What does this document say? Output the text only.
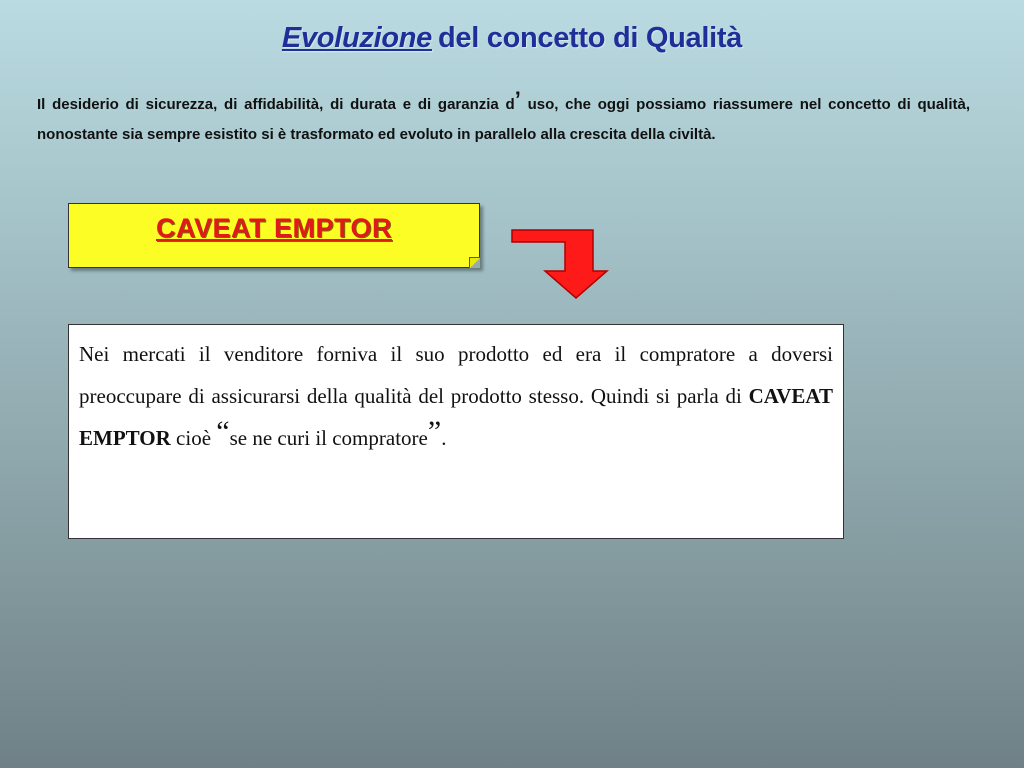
Evoluzione del concetto di Qualità
Il desiderio di sicurezza, di affidabilità, di durata e di garanzia d’ uso, che oggi possiamo riassumere nel concetto di qualità, nonostante sia sempre esistito si è trasformato ed evoluto in parallelo alla crescita della civiltà.
CAVEAT EMPTOR
Nei mercati il venditore forniva il suo prodotto ed era il compratore a doversi preoccupare di assicurarsi della qualità del prodotto stesso. Quindi si parla di CAVEAT EMPTOR cioè “se ne curi il compratore”.
